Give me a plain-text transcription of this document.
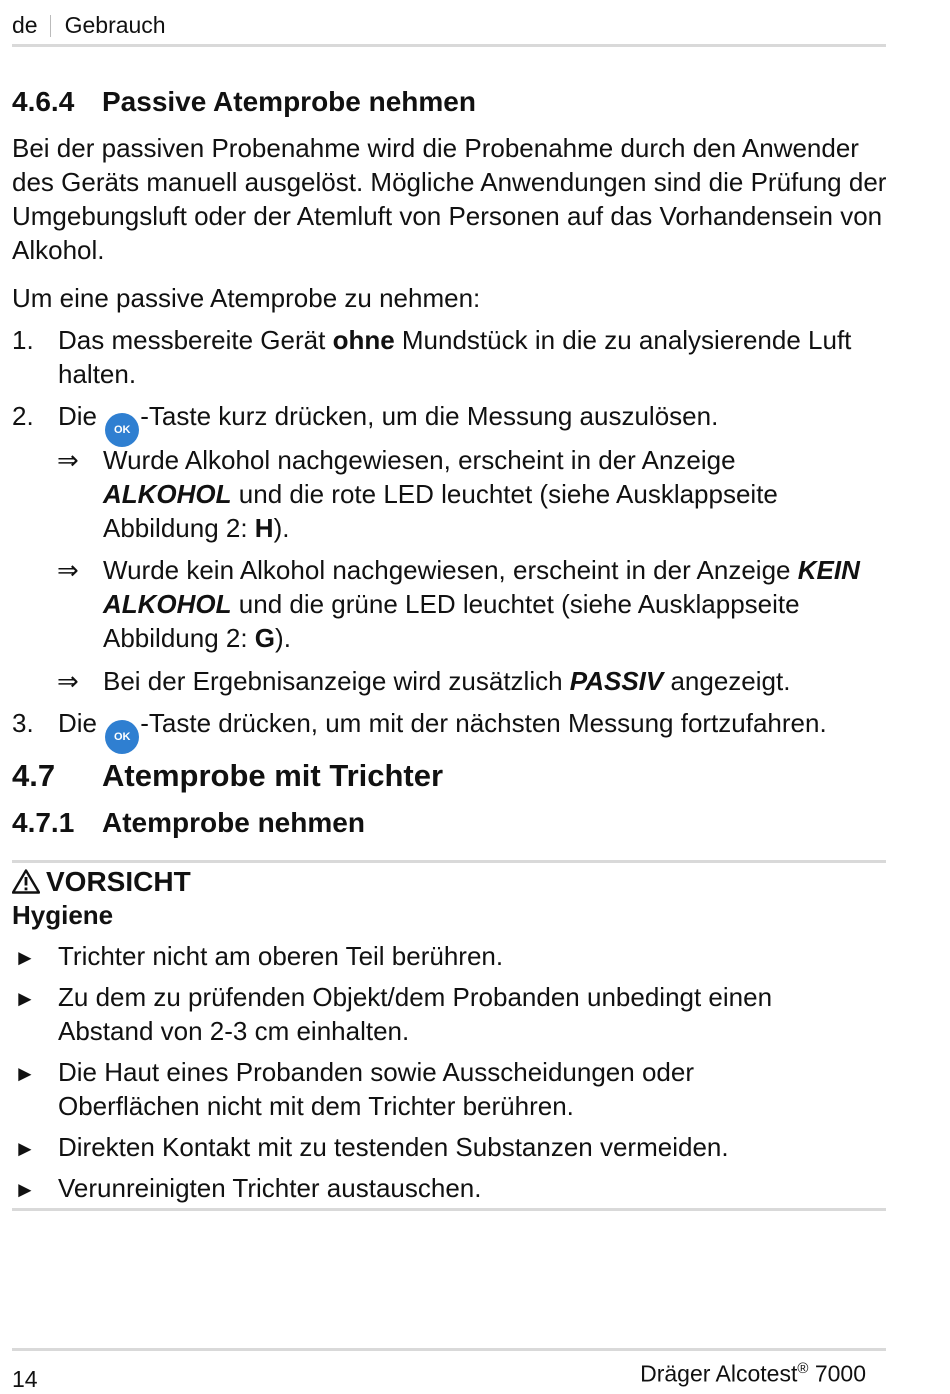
de Gebrauch
4.6.4 Passive Atemprobe nehmen
Bei der passiven Probenahme wird die Probenahme durch den Anwender des Geräts manuell ausgelöst. Mögliche Anwendungen sind die Prüfung der Umgebungsluft oder der Atemluft von Personen auf das Vorhandensein von Alkohol.
Um eine passive Atemprobe zu nehmen:
1. Das messbereite Gerät ohne Mundstück in die zu analysierende Luft halten.
2. Die OK -Taste kurz drücken, um die Messung auszulösen.
⇒ Wurde Alkohol nachgewiesen, erscheint in der Anzeige ALKOHOL und die rote LED leuchtet (siehe Ausklappseite Abbildung 2: H).
⇒ Wurde kein Alkohol nachgewiesen, erscheint in der Anzeige KEIN ALKOHOL und die grüne LED leuchtet (siehe Ausklappseite Abbildung 2: G).
⇒ Bei der Ergebnisanzeige wird zusätzlich PASSIV angezeigt.
3. Die OK -Taste drücken, um mit der nächsten Messung fortzufahren.
4.7 Atemprobe mit Trichter
4.7.1 Atemprobe nehmen
VORSICHT
Hygiene
► Trichter nicht am oberen Teil berühren.
► Zu dem zu prüfenden Objekt/dem Probanden unbedingt einen Abstand von 2-3 cm einhalten.
► Die Haut eines Probanden sowie Ausscheidungen oder Oberflächen nicht mit dem Trichter berühren.
► Direkten Kontakt mit zu testenden Substanzen vermeiden.
► Verunreinigten Trichter austauschen.
14	Dräger Alcotest® 7000
